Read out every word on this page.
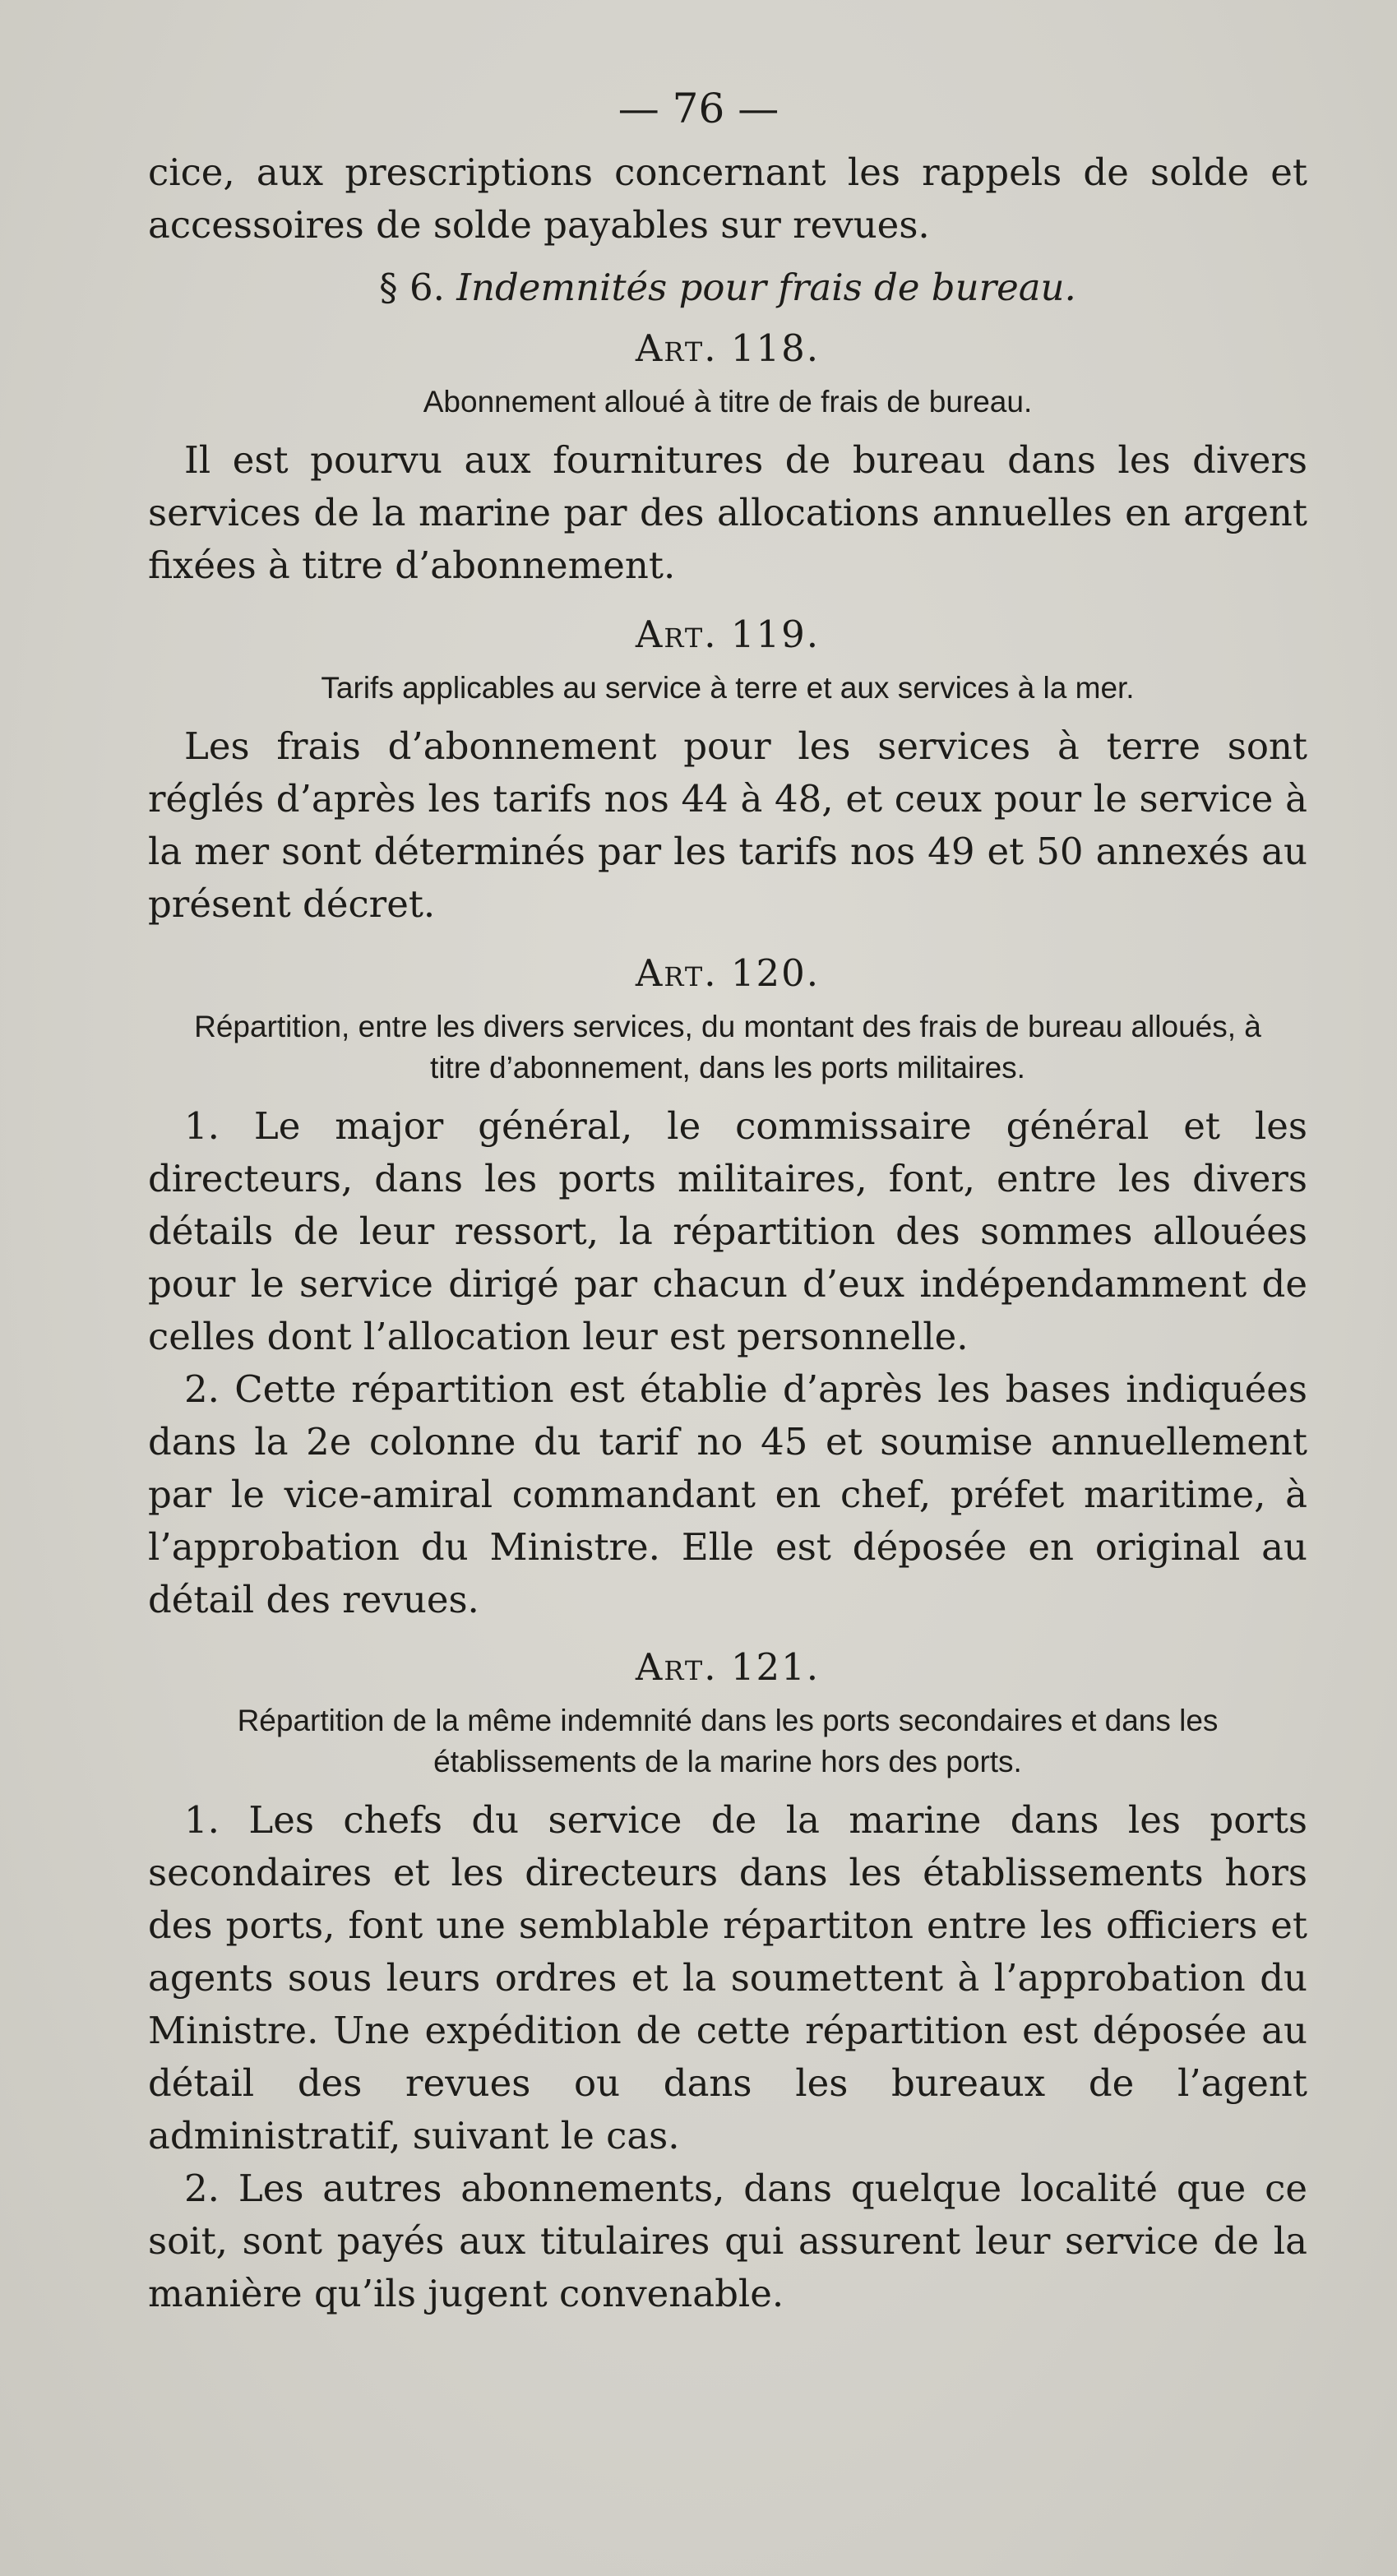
— 76 —

cice, aux prescriptions concernant les rappels de solde et accessoires de solde payables sur revues.

§ 6. Indemnités pour frais de bureau.

Art. 118.

Abonnement alloué à titre de frais de bureau.

Il est pourvu aux fournitures de bureau dans les divers services de la marine par des allocations annuelles en argent fixées à titre d’abonnement.

Art. 119.

Tarifs applicables au service à terre et aux services à la mer.

Les frais d’abonnement pour les services à terre sont réglés d’après les tarifs nos 44 à 48, et ceux pour le service à la mer sont déterminés par les tarifs nos 49 et 50 annexés au présent décret.

Art. 120.

Répartition, entre les divers services, du montant des frais de bureau alloués, à titre d’abonnement, dans les ports militaires.

1. Le major général, le commissaire général et les directeurs, dans les ports militaires, font, entre les divers détails de leur ressort, la répartition des sommes allouées pour le service dirigé par chacun d’eux indépendamment de celles dont l’allocation leur est personnelle.

2. Cette répartition est établie d’après les bases indiquées dans la 2e colonne du tarif no 45 et soumise annuellement par le vice-amiral commandant en chef, préfet maritime, à l’approbation du Ministre. Elle est déposée en original au détail des revues.

Art. 121.

Répartition de la même indemnité dans les ports secondaires et dans les établissements de la marine hors des ports.

1. Les chefs du service de la marine dans les ports secondaires et les directeurs dans les établissements hors des ports, font une semblable répartiton entre les officiers et agents sous leurs ordres et la soumettent à l’approbation du Ministre. Une expédition de cette répartition est déposée au détail des revues ou dans les bureaux de l’agent administratif, suivant le cas.

2. Les autres abonnements, dans quelque localité que ce soit, sont payés aux titulaires qui assurent leur service de la manière qu’ils jugent convenable.
